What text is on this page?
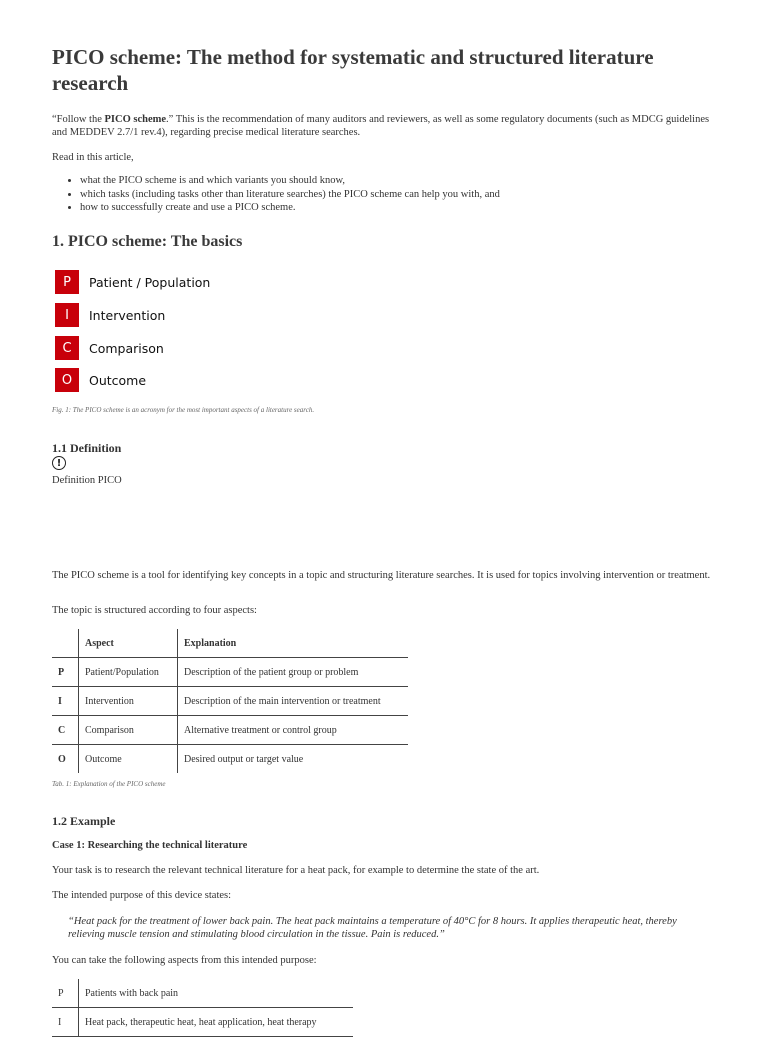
PICO scheme: The method for systematic and structured literature research

“Follow the PICO scheme.” This is the recommendation of many auditors and reviewers, as well as some regulatory documents (such as MDCG guidelines and MEDDEV 2.7/1 rev.4), regarding precise medical literature searches.

Read in this article,

• what the PICO scheme is and which variants you should know,
• which tasks (including tasks other than literature searches) the PICO scheme can help you with, and
• how to successfully create and use a PICO scheme.
1. PICO scheme: The basics
P	Patient / Population
I	Intervention
C	Comparison
O	Outcome

Fig. 1: The PICO scheme is an acronym for the most important aspects of a literature search.

1.1 Definition
!

Definition PICO

The PICO scheme is a tool for identifying key concepts in a topic and structuring literature searches. It is used for topics involving intervention or treatment.

The topic is structured according to four aspects:

	Aspect	Explanation
P	Patient/Population	Description of the patient group or problem
I	Intervention	Description of the main intervention or treatment
C	Comparison	Alternative treatment or control group
O	Outcome	Desired output or target value

Tab. 1: Explanation of the PICO scheme

1.2 Example

Case 1: Researching the technical literature

Your task is to research the relevant technical literature for a heat pack, for example to determine the state of the art.

The intended purpose of this device states:

“Heat pack for the treatment of lower back pain. The heat pack maintains a temperature of 40°C for 8 hours. It applies therapeutic heat, thereby relieving muscle tension and stimulating blood circulation in the tissue. Pain is reduced.”

You can take the following aspects from this intended purpose:

P	Patients with back pain
I	Heat pack, therapeutic heat, heat application, heat therapy
